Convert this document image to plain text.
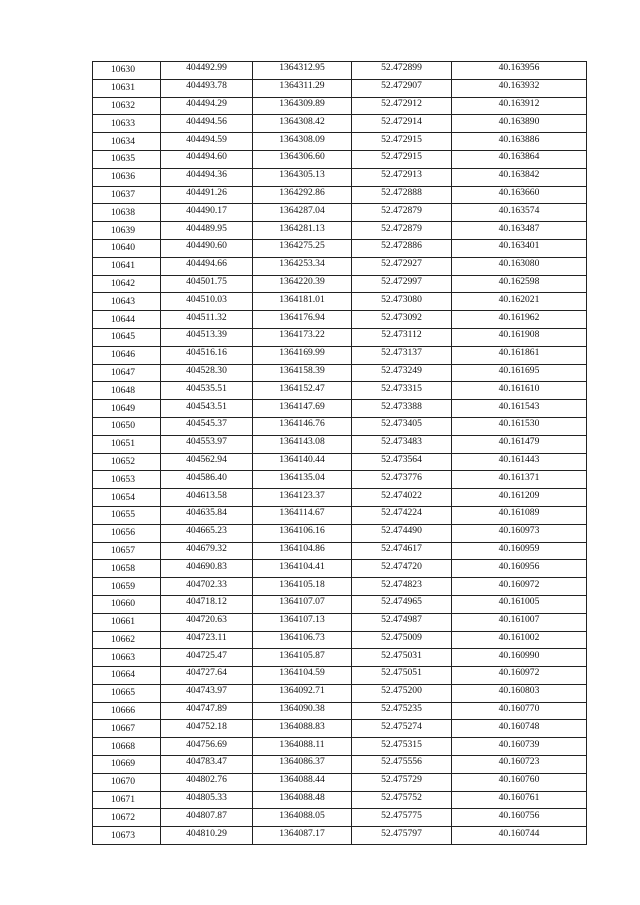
10630	404492.99	1364312.95	52.472899	40.163956
10631	404493.78	1364311.29	52.472907	40.163932
10632	404494.29	1364309.89	52.472912	40.163912
10633	404494.56	1364308.42	52.472914	40.163890
10634	404494.59	1364308.09	52.472915	40.163886
10635	404494.60	1364306.60	52.472915	40.163864
10636	404494.36	1364305.13	52.472913	40.163842
10637	404491.26	1364292.86	52.472888	40.163660
10638	404490.17	1364287.04	52.472879	40.163574
10639	404489.95	1364281.13	52.472879	40.163487
10640	404490.60	1364275.25	52.472886	40.163401
10641	404494.66	1364253.34	52.472927	40.163080
10642	404501.75	1364220.39	52.472997	40.162598
10643	404510.03	1364181.01	52.473080	40.162021
10644	404511.32	1364176.94	52.473092	40.161962
10645	404513.39	1364173.22	52.473112	40.161908
10646	404516.16	1364169.99	52.473137	40.161861
10647	404528.30	1364158.39	52.473249	40.161695
10648	404535.51	1364152.47	52.473315	40.161610
10649	404543.51	1364147.69	52.473388	40.161543
10650	404545.37	1364146.76	52.473405	40.161530
10651	404553.97	1364143.08	52.473483	40.161479
10652	404562.94	1364140.44	52.473564	40.161443
10653	404586.40	1364135.04	52.473776	40.161371
10654	404613.58	1364123.37	52.474022	40.161209
10655	404635.84	1364114.67	52.474224	40.161089
10656	404665.23	1364106.16	52.474490	40.160973
10657	404679.32	1364104.86	52.474617	40.160959
10658	404690.83	1364104.41	52.474720	40.160956
10659	404702.33	1364105.18	52.474823	40.160972
10660	404718.12	1364107.07	52.474965	40.161005
10661	404720.63	1364107.13	52.474987	40.161007
10662	404723.11	1364106.73	52.475009	40.161002
10663	404725.47	1364105.87	52.475031	40.160990
10664	404727.64	1364104.59	52.475051	40.160972
10665	404743.97	1364092.71	52.475200	40.160803
10666	404747.89	1364090.38	52.475235	40.160770
10667	404752.18	1364088.83	52.475274	40.160748
10668	404756.69	1364088.11	52.475315	40.160739
10669	404783.47	1364086.37	52.475556	40.160723
10670	404802.76	1364088.44	52.475729	40.160760
10671	404805.33	1364088.48	52.475752	40.160761
10672	404807.87	1364088.05	52.475775	40.160756
10673	404810.29	1364087.17	52.475797	40.160744
